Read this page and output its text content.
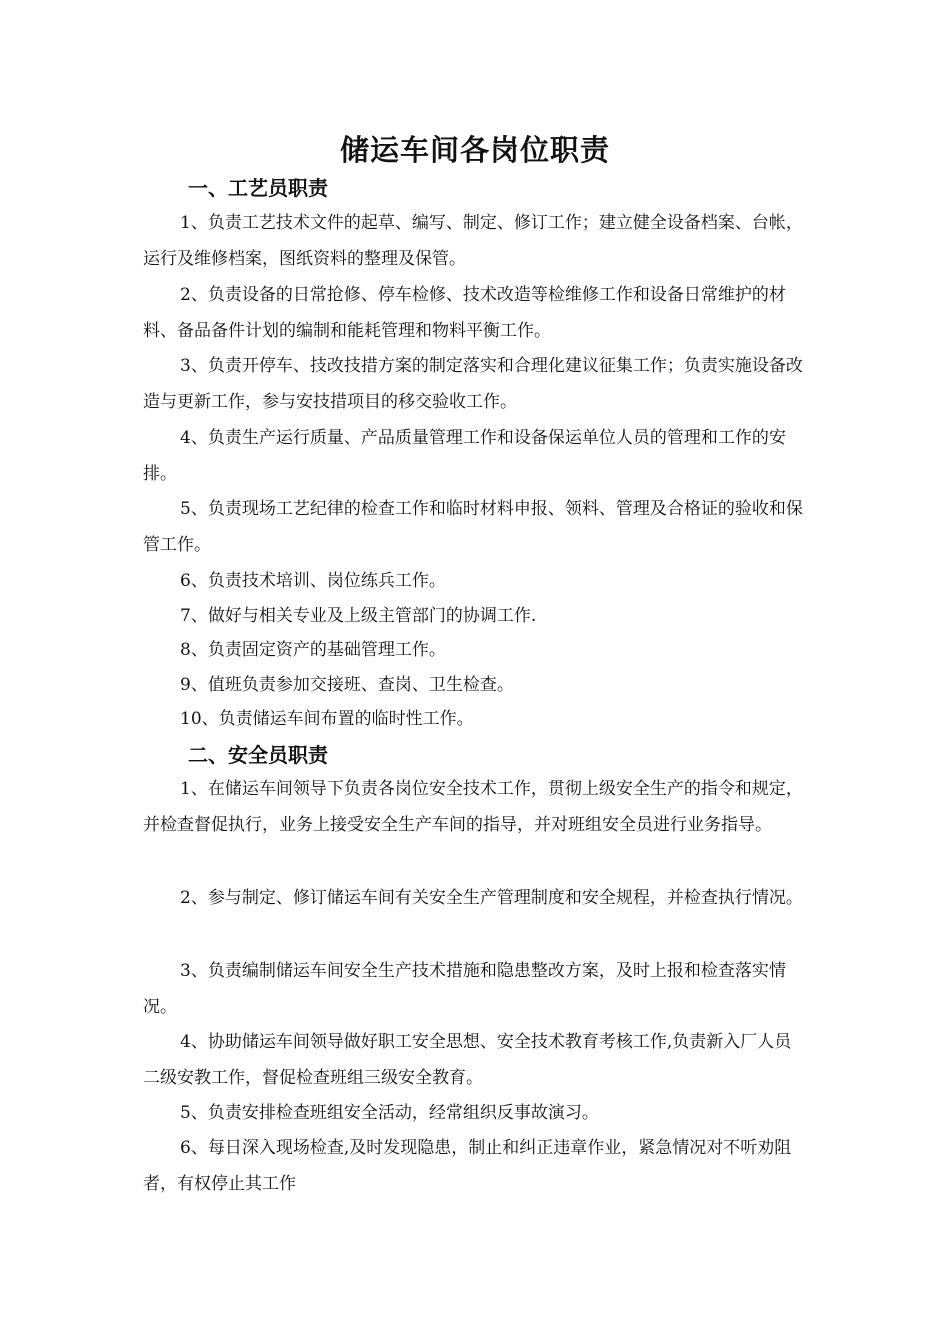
储运车间各岗位职责
一、工艺员职责

1、负责工艺技术文件的起草、编写、制定、修订工作；建立健全设备档案、台帐，运行及维修档案，图纸资料的整理及保管。

2、负责设备的日常抢修、停车检修、技术改造等检维修工作和设备日常维护的材料、备品备件计划的编制和能耗管理和物料平衡工作。

3、负责开停车、技改技措方案的制定落实和合理化建议征集工作；负责实施设备改造与更新工作，参与安技措项目的移交验收工作。

4、负责生产运行质量、产品质量管理工作和设备保运单位人员的管理和工作的安排。

5、负责现场工艺纪律的检查工作和临时材料申报、领料、管理及合格证的验收和保管工作。

6、负责技术培训、岗位练兵工作。

7、做好与相关专业及上级主管部门的协调工作.

8、负责固定资产的基础管理工作。

9、值班负责参加交接班、查岗、卫生检查。

10、负责储运车间布置的临时性工作。

二、安全员职责

1、在储运车间领导下负责各岗位安全技术工作，贯彻上级安全生产的指令和规定，并检查督促执行，业务上接受安全生产车间的指导，并对班组安全员进行业务指导。

2、参与制定、修订储运车间有关安全生产管理制度和安全规程，并检查执行情况。

3、负责编制储运车间安全生产技术措施和隐患整改方案，及时上报和检查落实情况。

4、协助储运车间领导做好职工安全思想、安全技术教育考核工作,负责新入厂人员二级安教工作，督促检查班组三级安全教育。

5、负责安排检查班组安全活动，经常组织反事故演习。

6、每日深入现场检查,及时发现隐患，制止和纠正违章作业，紧急情况对不听劝阻者，有权停止其工作
